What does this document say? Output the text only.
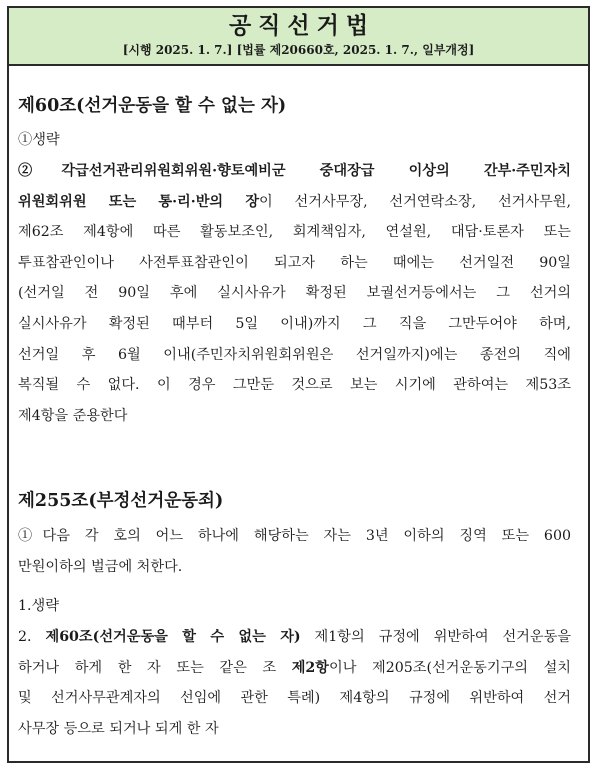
공직선거법
[시행 2025. 1. 7.] [법률 제20660호, 2025. 1. 7., 일부개정]
제60조(선거운동을 할 수 없는 자)
①생략
②각급선거관리위원회위원·향토예비군 중대장급 이상의 간부·주민자치
위원회위원 또는 통·리·반의 장이 선거사무장, 선거연락소장, 선거사무원,
제62조 제4항에 따른 활동보조인, 회계책임자, 연설원, 대담·토론자 또는
투표참관인이나 사전투표참관인이 되고자 하는 때에는 선거일전 90일
(선거일 전 90일 후에 실시사유가 확정된 보궐선거등에서는 그 선거의
실시사유가 확정된 때부터 5일 이내)까지 그 직을 그만두어야 하며,
선거일 후 6월 이내(주민자치위원회위원은 선거일까지)에는 종전의 직에
복직될 수 없다. 이 경우 그만둔 것으로 보는 시기에 관하여는 제53조
제4항을 준용한다
제255조(부정선거운동죄)
①다음 각 호의 어느 하나에 해당하는 자는 3년 이하의 징역 또는 600
만원이하의 벌금에 처한다.
1.생략
2. 제60조(선거운동을 할 수 없는 자) 제1항의 규정에 위반하여 선거운동을
하거나 하게 한 자 또는 같은 조 제2항이나 제205조(선거운동기구의 설치
및 선거사무관계자의 선임에 관한 특례) 제4항의 규정에 위반하여 선거
사무장 등으로 되거나 되게 한 자
